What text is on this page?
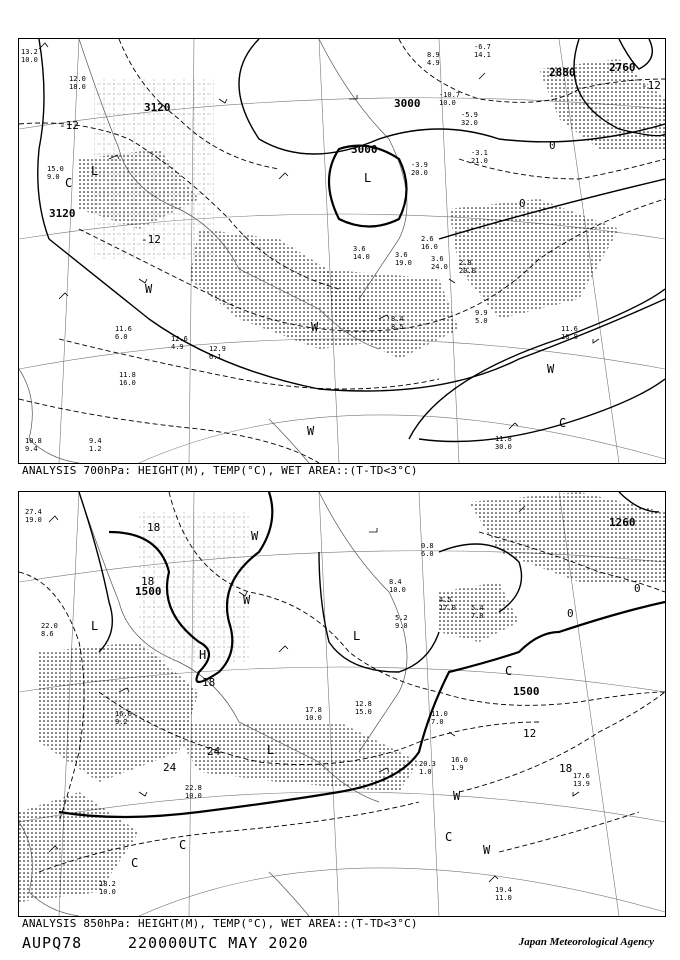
3120
3120
3000
3000
2880	2760
-12
-12
-12
0
0
L	L
C
C
W
W
W
W
13.2
10.0
12.0
18.0
15.0
9.0
8.9
4.9
-6.7
14.1
-10.7
10.0
-5.9
32.0
-3.9
20.0
-3.1
21.0
3.6
14.0	3.6
19.0
2.6
16.0
3.6
24.0 2.8
20.0
11.6
6.0	12.6
4.9	12.9
6.1
11.8
16.0
9.4
1.2
10.8
9.4
11.6
18.8
11.8
30.0
8.4
8.5
9.9
5.0
ANALYSIS 700hPa: HEIGHT(M), TEMP(°C), WET AREA::(T-TD<3°C)
1500
1500
1260
18
18
18
18
24
24
12
0
0
L
L
L
H
C
C
C
C
W
W
W
W
27.4
19.0
22.0
8.6
0.8
6.0
5.2
9.0
8.4
10.0
4.5
17.0 5.4
7.0
12.8
15.0	11.0
7.0
16.0
1.9
17.6
13.9
19.4
11.0
22.8
10.0
18.2
10.0
16.0
9.2
17.8
10.0
20.3
1.0
ANALYSIS 850hPa: HEIGHT(M), TEMP(°C), WET AREA::(T-TD<3°C)
AUPQ78	220000UTC MAY 2020	Japan Meteorological Agency
